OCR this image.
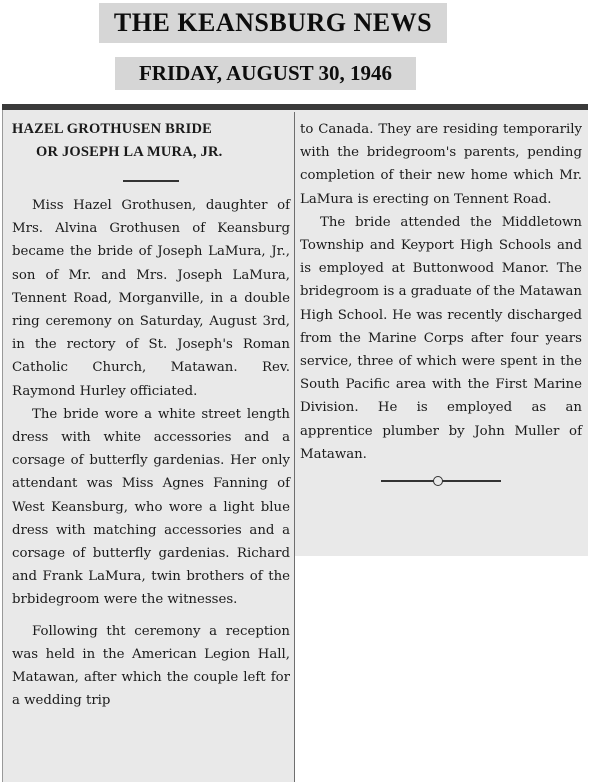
THE KEANSBURG NEWS
FRIDAY, AUGUST 30, 1946
HAZEL GROTHUSEN BRIDE
OR JOSEPH LA MURA, JR.

Miss Hazel Grothusen, daughter of Mrs. Alvina Grothusen of Keansburg became the bride of Joseph LaMura, Jr., son of Mr. and Mrs. Joseph LaMura, Tennent Road, Morganville, in a double ring ceremony on Saturday, August 3rd, in the rectory of St. Joseph's Roman Catholic Church, Matawan. Rev. Raymond Hurley officiated.

The bride wore a white street length dress with white accessories and a corsage of butterfly gardenias. Her only attendant was Miss Agnes Fanning of West Keansburg, who wore a light blue dress with matching accessories and a corsage of butterfly gardenias. Richard and Frank LaMura, twin brothers of the brbidegroom were the witnesses.

Following tht ceremony a reception was held in the American Legion Hall, Matawan, after which the couple left for a wedding trip

to Canada. They are residing temporarily with the bridegroom's parents, pending completion of their new home which Mr. LaMura is erecting on Tennent Road.

The bride attended the Middletown Township and Keyport High Schools and is employed at Buttonwood Manor. The bridegroom is a graduate of the Matawan High School. He was recently discharged from the Marine Corps after four years service, three of which were spent in the South Pacific area with the First Marine Division. He is employed as an apprentice plumber by John Muller of Matawan.
